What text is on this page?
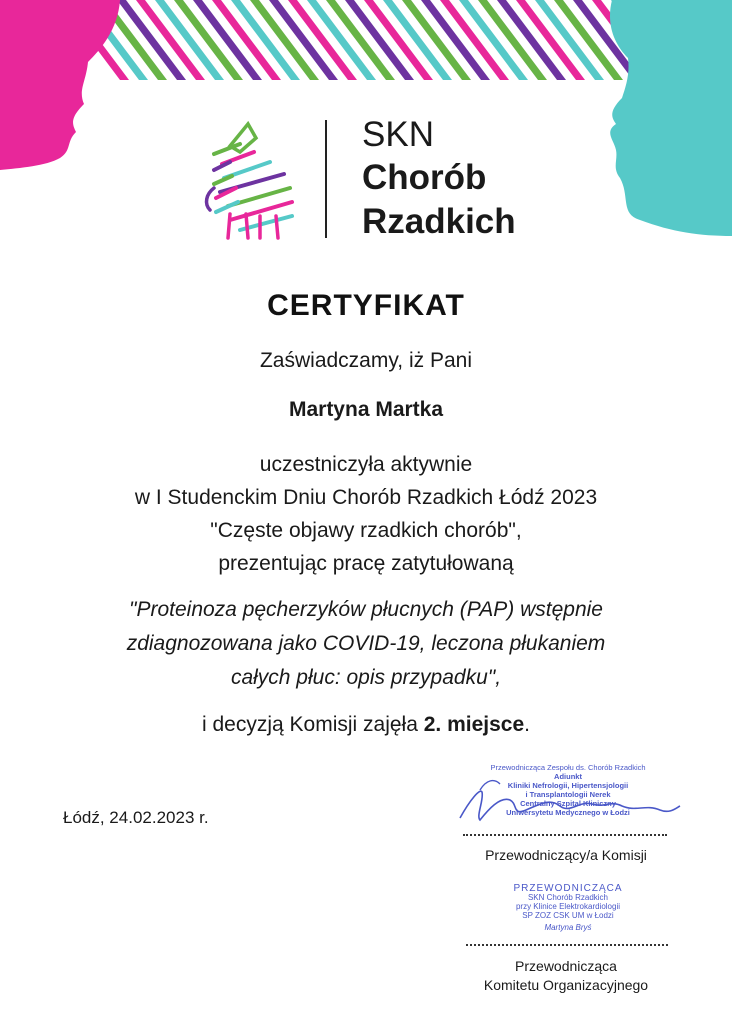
SKN
Chorób
Rzadkich
CERTYFIKAT
Zaświadczamy, iż Pani
Martyna Martka
uczestniczyła aktywnie
w I Studenckim Dniu Chorób Rzadkich Łódź 2023
"Częste objawy rzadkich chorób",
prezentując pracę zatytułowaną
"Proteinoza pęcherzyków płucnych (PAP) wstępnie
zdiagnozowana jako COVID-19, leczona płukaniem
całych płuc: opis przypadku",
i decyzją Komisji zajęła 2. miejsce.
Łódź, 24.02.2023 r.
Przewodnicząca Zespołu ds. Chorób Rzadkich
Adiunkt
Kliniki Nefrologii, Hipertensjologii
i Transplantologii Nerek
Centralny Szpital Kliniczny
Uniwersytetu Medycznego w Łodzi
Przewodniczący/a Komisji
PRZEWODNICZĄCA
SKN Chorób Rzadkich
przy Klinice Elektrokardiologii
SP ZOZ CSK UM w Łodzi
Martyna Bryś
Przewodnicząca
Komitetu Organizacyjnego
